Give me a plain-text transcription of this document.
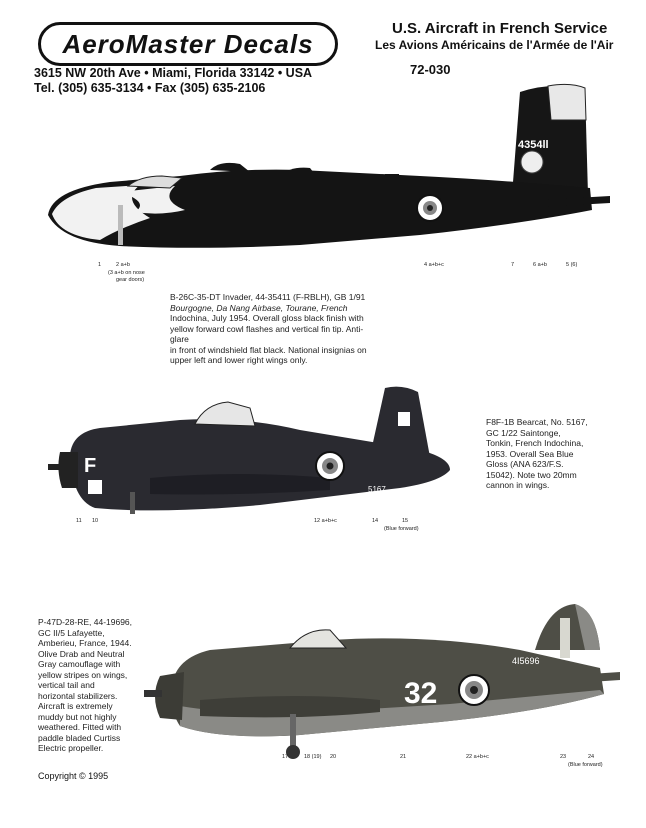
AeroMaster Decals
3615 NW 20th Ave • Miami, Florida 33142 • USA
Tel. (305) 635-3134 • Fax (305) 635-2106
U.S. Aircraft in French Service
Les Avions Américains de l'Armée de l'Air
72-030
4354ll
F
5167
32
4I5696
1	2 a+b
(3 a+b on nose
gear doors)
4 a+b+c	7	6 a+b	5 (6)
B-26C-35-DT Invader, 44-35411 (F-RBLH), GB 1/91
Bourgogne, Da Nang Airbase, Tourane, French
Indochina, July 1954. Overall gloss black finish with
yellow forward cowl flashes and vertical fin tip. Anti-glare
in front of windshield flat black. National insignias on
upper left and lower right wings only.
F8F-1B Bearcat, No. 5167,
GC 1/22 Saintonge,
Tonkin, French Indochina,
1953. Overall Sea Blue
Gloss (ANA 623/F.S.
15042). Note two 20mm
cannon in wings.
11 10	12 a+b+c	14	15
(Blue forward)
P-47D-28-RE, 44-19696,
GC II/5 Lafayette,
Amberieu, France, 1944.
Olive Drab and Neutral
Gray camouflage with
yellow stripes on wings,
vertical tail and
horizontal stabilizers.
Aircraft is extremely
muddy but not highly
weathered. Fitted with
paddle bladed Curtiss
Electric propeller.
17	18 (19) 20	21	22 a+b+c	23	24
(Blue forward)
Copyright © 1995
